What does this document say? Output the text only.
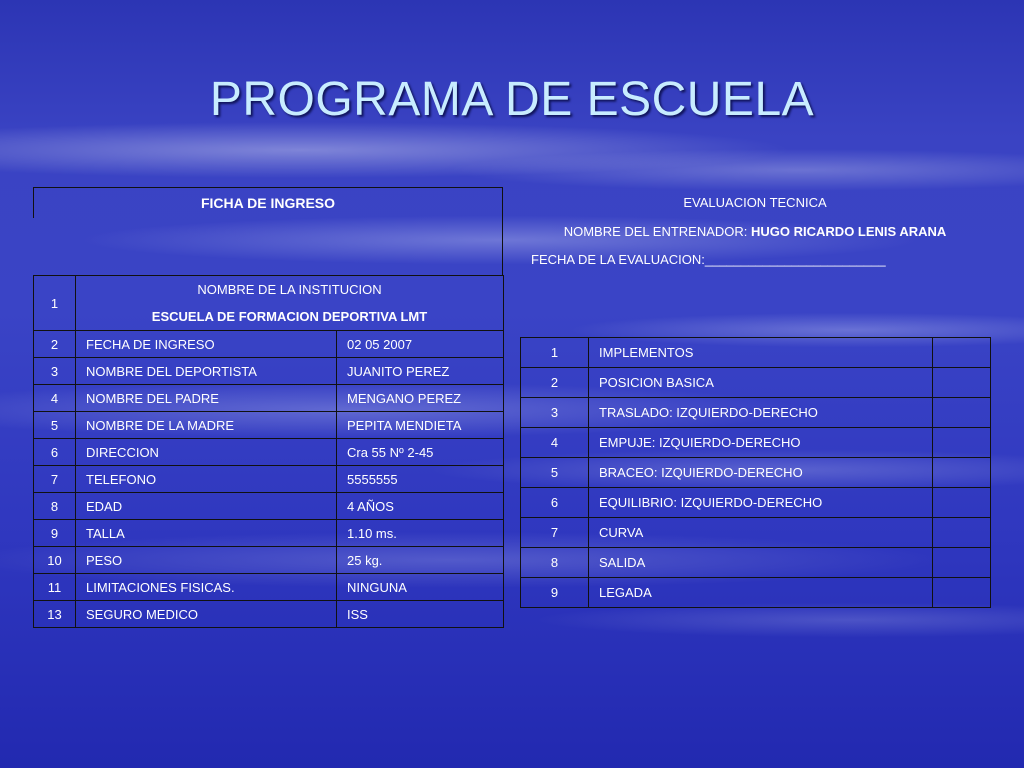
PROGRAMA DE ESCUELA
FICHA DE INGRESO
1	NOMBRE DE LA INSTITUCION
ESCUELA DE FORMACION DEPORTIVA LMT	

2	FECHA DE INGRESO	02 05 2007
3	NOMBRE DEL DEPORTISTA	JUANITO PEREZ
4	NOMBRE DEL PADRE	MENGANO PEREZ
5	NOMBRE DE LA MADRE	PEPITA MENDIETA
6	DIRECCION	Cra 55 Nº 2-45
7	TELEFONO	5555555
8	EDAD	4 AÑOS
9	TALLA	1.10 ms.
10	PESO	25 kg.
11	LIMITACIONES FISICAS.	NINGUNA
13	SEGURO MEDICO	ISS
EVALUACION TECNICA
NOMBRE DEL ENTRENADOR: HUGO RICARDO LENIS ARANA
FECHA DE LA EVALUACION:_________________________
1	IMPLEMENTOS	
2	POSICION BASICA	
3	TRASLADO: IZQUIERDO-DERECHO	
4	EMPUJE: IZQUIERDO-DERECHO	
5	BRACEO: IZQUIERDO-DERECHO	
6	EQUILIBRIO: IZQUIERDO-DERECHO	
7	CURVA	
8	SALIDA	
9	LEGADA	
